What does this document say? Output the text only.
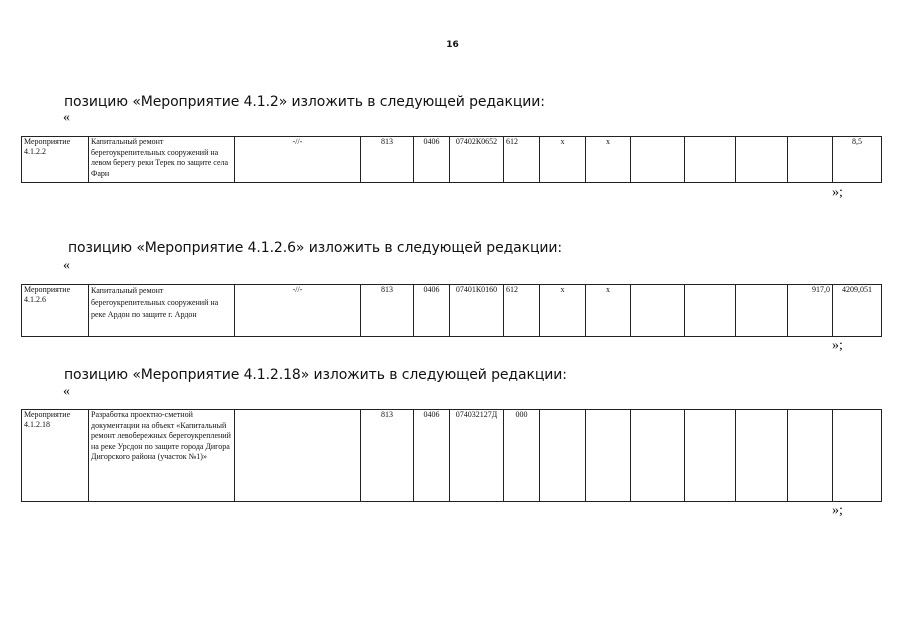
16
позицию «Мероприятие 4.1.2» изложить в следующей редакции:
«
Мероприятие 4.1.2.2	Капитальный ремонт берегоукрепительных сооружений на левом берегу реки Терек по защите села Фарн	-//-	813	0406	07402К0652	612	х	х					8,5
»;
позицию «Мероприятие 4.1.2.6» изложить в следующей редакции:
«
Мероприятие 4.1.2.6	Капитальный ремонт берегоукрепительных сооружений на реке Ардон по защите г. Ардон	-//-	813	0406	07401К0160	612	х	х				917,0	4209,051
»;
позицию «Мероприятие 4.1.2.18» изложить в следующей редакции:
«
Мероприятие 4.1.2.18	Разработка проектно-сметной документации на объект «Капитальный ремонт левобережных берегоукреплений на реке Урсдон по защите города Дигора Дигорского района (участок №1)»		813	0406	074032127Д	000							
»;
